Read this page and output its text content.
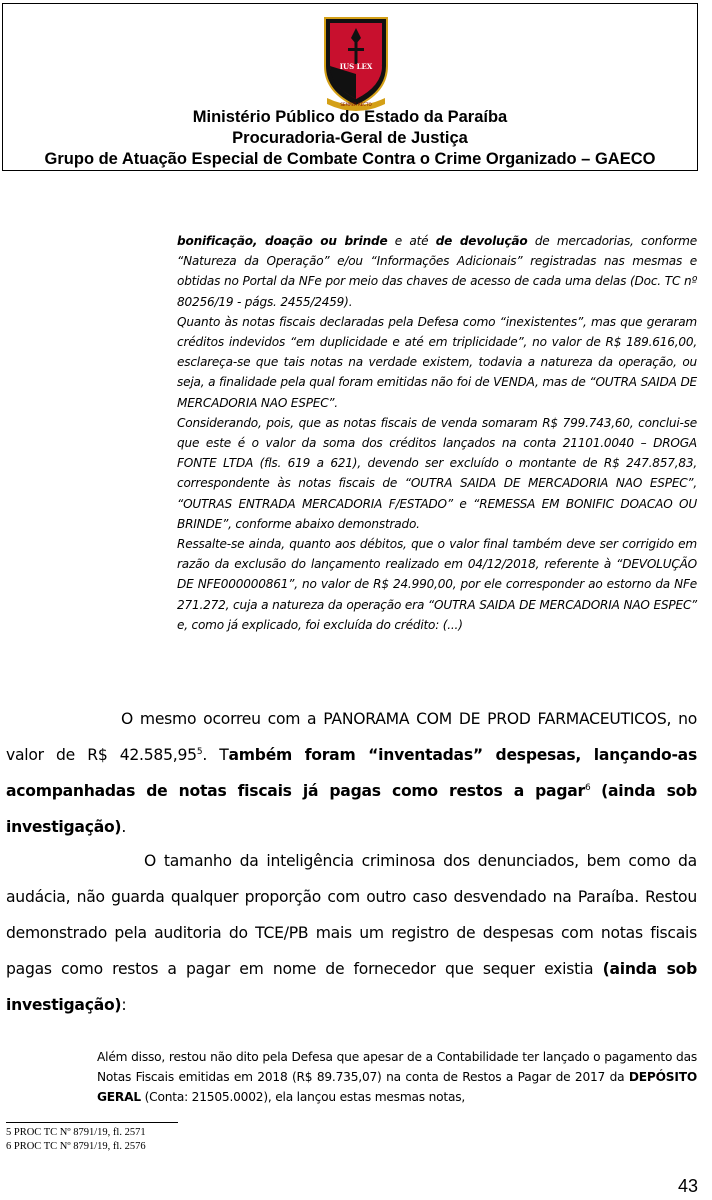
IUS LEX
SEMPER RECTO
Ministério Público do Estado da Paraíba
Procuradoria-Geral de Justiça
Grupo de Atuação Especial de Combate Contra o Crime Organizado – GAECO

bonificação, doação ou brinde e até de devolução de mercadorias, conforme “Natureza da Operação” e/ou “Informações Adicionais” registradas nas mesmas e obtidas no Portal da NFe por meio das chaves de acesso de cada uma delas (Doc. TC nº 80256/19 - págs. 2455/2459).

Quanto às notas fiscais declaradas pela Defesa como “inexistentes”, mas que geraram créditos indevidos “em duplicidade e até em triplicidade”, no valor de R$ 189.616,00, esclareça-se que tais notas na verdade existem, todavia a natureza da operação, ou seja, a finalidade pela qual foram emitidas não foi de VENDA, mas de “OUTRA SAIDA DE MERCADORIA NAO ESPEC”.

Considerando, pois, que as notas fiscais de venda somaram R$ 799.743,60, conclui-se que este é o valor da soma dos créditos lançados na conta 21101.0040 – DROGA FONTE LTDA (fls. 619 a 621), devendo ser excluído o montante de R$ 247.857,83, correspondente às notas fiscais de “OUTRA SAIDA DE MERCADORIA NAO ESPEC”, “OUTRAS ENTRADA MERCADORIA F/ESTADO” e “REMESSA EM BONIFIC DOACAO OU BRINDE”, conforme abaixo demonstrado.

Ressalte-se ainda, quanto aos débitos, que o valor final também deve ser corrigido em razão da exclusão do lançamento realizado em 04/12/2018, referente à “DEVOLUÇÃO DE NFE000000861”, no valor de R$ 24.990,00, por ele corresponder ao estorno da NFe 271.272, cuja a natureza da operação era “OUTRA SAIDA DE MERCADORIA NAO ESPEC” e, como já explicado, foi excluída do crédito: (...)

O mesmo ocorreu com a PANORAMA COM DE PROD FARMACEUTICOS, no valor de R$ 42.585,95$^5$. Também foram “inventadas” despesas, lançando-as acompanhadas de notas fiscais já pagas como restos a pagar$^6$ (ainda sob investigação).

O tamanho da inteligência criminosa dos denunciados, bem como da audácia, não guarda qualquer proporção com outro caso desvendado na Paraíba. Restou demonstrado pela auditoria do TCE/PB mais um registro de despesas com notas fiscais pagas como restos a pagar em nome de fornecedor que sequer existia (ainda sob investigação):

Além disso, restou não dito pela Defesa que apesar de a Contabilidade ter lançado o pagamento das Notas Fiscais emitidas em 2018 (R$ 89.735,07) na conta de Restos a Pagar de 2017 da DEPÓSITO GERAL (Conta: 21505.0002), ela lançou estas mesmas notas,
5 PROC TC Nº 8791/19, fl. 2571
6 PROC TC Nº 8791/19, fl. 2576
43
